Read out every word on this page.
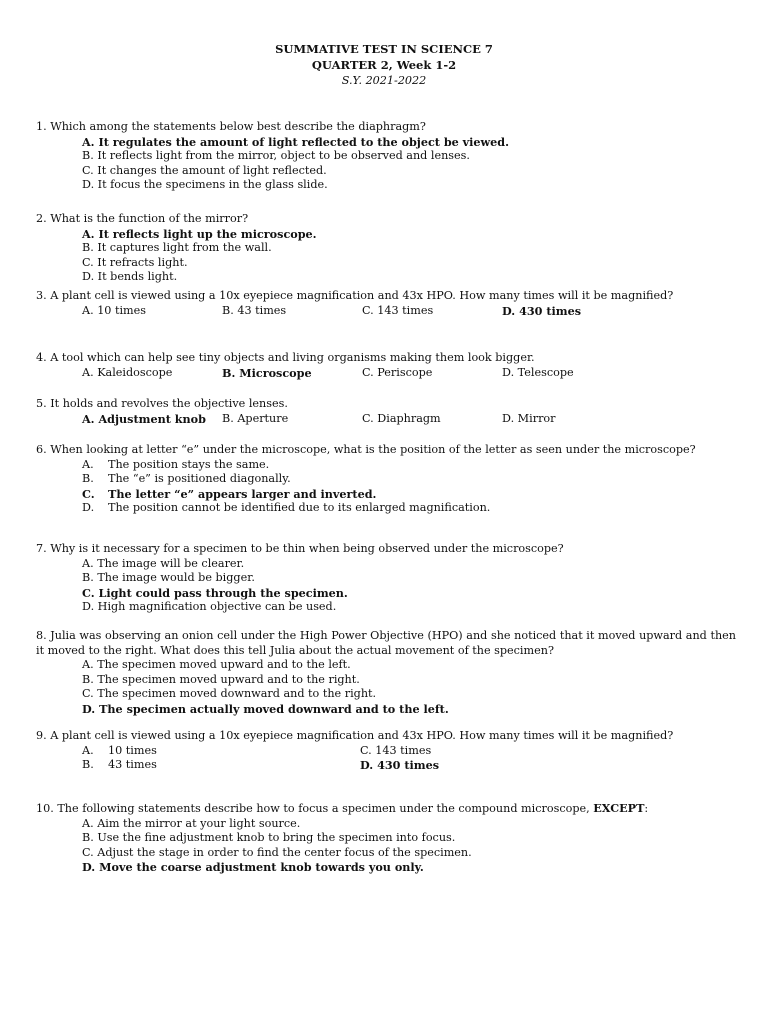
SUMMATIVE TEST IN SCIENCE 7
QUARTER 2, Week 1-2
S.Y. 2021-2022
1. Which among the statements below best describe the diaphragm?
A. It regulates the amount of light reflected to the object be viewed.
B. It reflects light from the mirror, object to be observed and lenses.
C. It changes the amount of light reflected.
D. It focus the specimens in the glass slide.
2. What is the function of the mirror?
A. It reflects light up the microscope.
B. It captures light from the wall.
C. It refracts light.
D. It bends light.
3. A plant cell is viewed using a 10x eyepiece magnification and 43x HPO. How many times will it be magnified?
A. 10 times	B. 43 times	C. 143 times	D. 430 times
4. A tool which can help see tiny objects and living organisms making them look bigger.
A. Kaleidoscope	B. Microscope	C. Periscope	D. Telescope
5. It holds and revolves the objective lenses.
A. Adjustment knob	B. Aperture	C. Diaphragm	D. Mirror
6. When looking at letter “e” under the microscope, what is the position of the letter as seen under the microscope?
A. The position stays the same.
B. The “e” is positioned diagonally.
C. The letter “e” appears larger and inverted.
D. The position cannot be identified due to its enlarged magnification.
7. Why is it necessary for a specimen to be thin when being observed under the microscope?
A. The image will be clearer.
B. The image would be bigger.
C. Light could pass through the specimen.
D. High magnification objective can be used.
8. Julia was observing an onion cell under the High Power Objective (HPO) and she noticed that it moved upward and then it moved to the right. What does this tell Julia about the actual movement of the specimen?
A. The specimen moved upward and to the left.
B. The specimen moved upward and to the right.
C. The specimen moved downward and to the right.
D. The specimen actually moved downward and to the left.
9. A plant cell is viewed using a 10x eyepiece magnification and 43x HPO. How many times will it be magnified?
A. 10 times	C. 143 times
B. 43 times	D. 430 times
10. The following statements describe how to focus a specimen under the compound microscope, EXCEPT:
A. Aim the mirror at your light source.
B. Use the fine adjustment knob to bring the specimen into focus.
C. Adjust the stage in order to find the center focus of the specimen.
D. Move the coarse adjustment knob towards you only.
